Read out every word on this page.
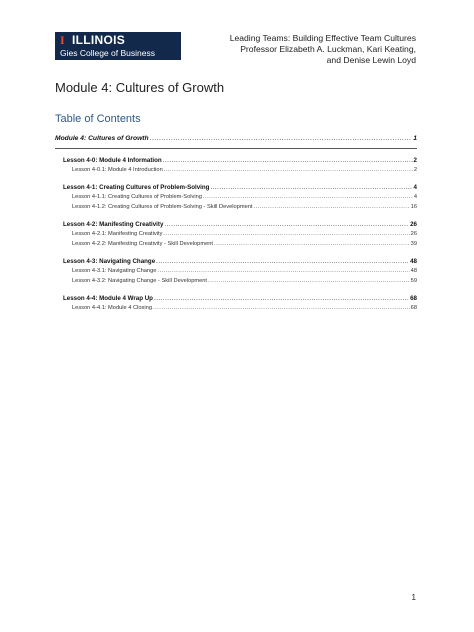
I ILLINOIS
Gies College of Business
Leading Teams: Building Effective Team Cultures
Professor Elizabeth A. Luckman, Kari Keating,
and Denise Lewin Loyd
Module 4: Cultures of Growth
Table of Contents
Module 4: Cultures of Growth .....	1
Lesson 4-0: Module 4 Information .....	2
Lesson 4-0.1: Module 4 Introduction .....	2
Lesson 4-1: Creating Cultures of Problem-Solving .....	4
Lesson 4-1.1: Creating Cultures of Problem-Solving .....	4
Lesson 4-1.2: Creating Cultures of Problem-Solving - Skill Development .....	16
Lesson 4-2: Manifesting Creativity .....	26
Lesson 4-2.1: Manifesting Creativity .....	26
Lesson 4-2.2: Manifesting Creativity - Skill Development .....	39
Lesson 4-3: Navigating Change .....	48
Lesson 4-3.1: Navigating Change .....	48
Lesson 4-3.2: Navigating Change - Skill Development .....	59
Lesson 4-4: Module 4 Wrap Up .....	68
Lesson 4-4.1: Module 4 Closing .....	68
1
